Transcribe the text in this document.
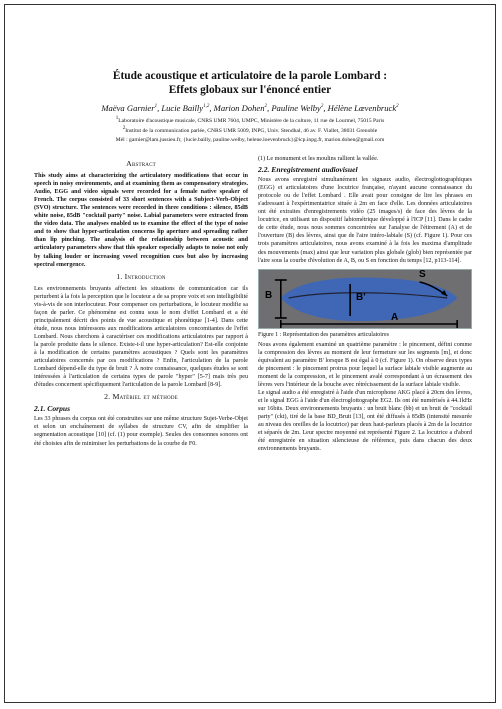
Étude acoustique et articulatoire de la parole Lombard :
Effets globaux sur l'énoncé entier
Maëva Garnier$^1$, Lucie Bailly$^{1,2}$, Marion Dohen$^2$, Pauline Welby$^2$, Hélène Lœvenbruck$^2$
$^1$Laboratoire d'acoustique musicale, CNRS UMR 7604, UMPC, Ministère de la culture, 11 rue de Lourmel, 75015 Paris
$^2$Institut de la communication parlée, CNRS UMR 5009, INPG, Univ. Stendhal, 46 av. F. Viallet, 38031 Grenoble
Mél : garnier@lam.jussieu.fr, {lucie.bailly, pauline.welby, helene.loevenbruck}@icp.inpg.fr, marion.dohen@gmail.com
Abstract

This study aims at characterizing the articulatory modifications that occur in speech in noisy environments, and at examining them as compensatory strategies. Audio, EGG and video signals were recorded for a female native speaker of French. The corpus consisted of 33 short sentences with a Subject-Verb-Object (SVO) structure. The sentences were recorded in three conditions : silence, 85dB white noise, 85dB "cocktail party" noise. Labial parameters were extracted from the video data. The analyses enabled us to examine the effect of the type of noise and to show that hyper-articulation concerns lip aperture and spreading rather than lip pinching. The analysis of the relationship between acoustic and articulatory parameters show that this speaker especially adapts to noise not only by talking louder or increasing vowel recognition cues but also by increasing spectral emergence.

1. Introduction

Les environnements bruyants affectent les situations de communication car ils perturbent à la fois la perception que le locuteur a de sa propre voix et son intelligibilité vis-à-vis de son interlocuteur. Pour compenser ces perturbations, le locuteur modifie sa façon de parler. Ce phénomène est connu sous le nom d'effet Lombard et a été principalement décrit des points de vue acoustique et phonétique [1-4]. Dans cette étude, nous nous intéressons aux modifications articulatoires concomitantes de l'effet Lombard. Nous cherchons à caractériser ces modifications articulatoires par rapport à la parole produite dans le silence. Existe-t-il une hyper-articulation? Est-elle conjointe à la modification de certains paramètres acoustiques ? Quels sont les paramètres articulatoires concernés par ces modifications ? Enfin, l'articulation de la parole Lombard dépend-elle du type de bruit ? À notre connaissance, quelques études se sont intéressées à l'articulation de certains types de parole "hyper" [5-7] mais très peu d'études concernent spécifiquement l'articulation de la parole Lombard [8-9].

2. Matériel et méthode
2.1. Corpus

Les 33 phrases du corpus ont été construites sur une même structure Sujet-Verbe-Objet et selon un enchaînement de syllabes de structure CV, afin de simplifier la segmentation acoustique [10] (cf. (1) pour exemple). Seules des consonnes sonores ont été choisies afin de minimiser les perturbations de la courbe de F0.

(1) Le monument et les moulins rallient la vallée.

2.2. Enregistrement audiovisuel

Nous avons enregistré simultanément les signaux audio, électroglottographiques (EGG) et articulatoires d'une locutrice française, n'ayant aucune connaissance du protocole ou de l'effet Lombard . Elle avait pour consigne de lire les phrases en s'adressant à l'expérimentatrice située à 2m en face d'elle. Les données articulatoires ont été extraites d'enregistrements vidéo (25 images/s) de face des lèvres de la locutrice, en utilisant un dispositif labiométrique développé à l'ICP [11]. Dans le cadre de cette étude, nous nous sommes concentrées sur l'analyse de l'étirement (A) et de l'ouverture (B) des lèvres, ainsi que de l'aire intéro-labiale (S) (cf. Figure 1). Pour ces trois paramètres articulatoires, nous avons examiné à la fois les maxima d'amplitude des mouvements (max) ainsi que leur variation plus globale (glob) bien représentée par l'aire sous la courbe d'évolution de A, B, ou S en fonction du temps [12, p113-114].

B	B'
S
A
Figure 1 : Représentation des paramètres articulatoires

Nous avons également examiné un quatrième paramètre : le pincement, défini comme la compression des lèvres au moment de leur fermeture sur les segments [m], et donc équivalent au paramètre B' lorsque B est égal à 0 (cf. Figure 1). On observe deux types de pincement : le pincement protrus pour lequel la surface labiale visible augmente au moment de la compression, et le pincement avalé correspondant à un écrasement des lèvres vers l'intérieur de la bouche avec rétrécissement de la surface labiale visible.

Le signal audio a été enregistré à l'aide d'un microphone AKG placé à 20cm des lèvres, et le signal EGG à l'aide d'un électroglottographe EG2. Ils ont été numérisés à 44.1kHz sur 16bits. Deux environnements bruyants : un bruit blanc (bb) et un bruit de "cocktail party" (ckt), tiré de la base BD_Bruit [13], ont été diffusés à 85dB (intensité mesurée au niveau des oreilles de la locutrice) par deux haut-parleurs placés à 2m de la locutrice et séparés de 2m. Leur spectre moyenné est représenté Figure 2. La locutrice a d'abord été enregistrée en situation silencieuse de référence, puis dans chacun des deux environnements bruyants.
